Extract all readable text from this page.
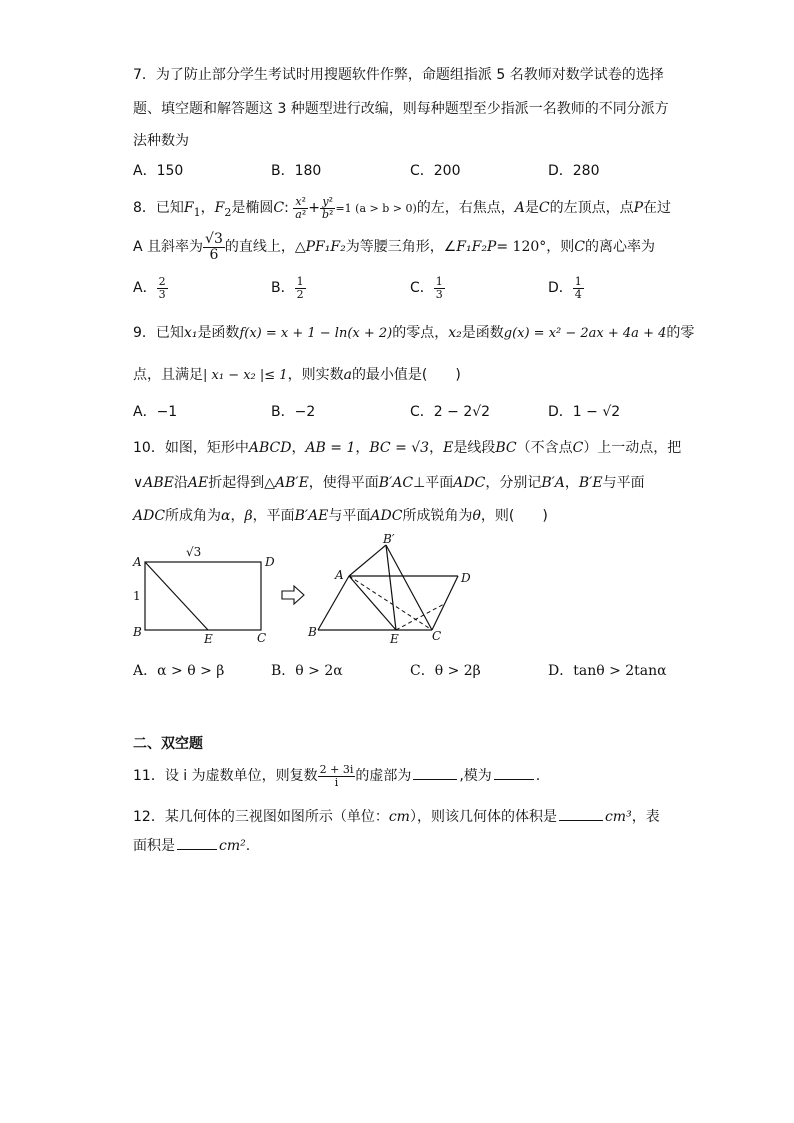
7．为了防止部分学生考试时用搜题软件作弊，命题组指派 5 名教师对数学试卷的选择
题、填空题和解答题这 3 种题型进行改编，则每种题型至少指派一名教师的不同分派方
法种数为
A．150	B．180	C．200	D．280
8．已知$F_1$，$F_2$是椭圆C: $\frac{\text{x²}}{\text{a²}} + \frac{\text{y²}}{\text{b²}} =1$ (a > b > 0)的左，右焦点，A是C的左顶点，点P在过
A 且斜率为 $\frac{√3}{6}$ 的直线上，△PF₁F₂为等腰三角形，∠F₁F₂P= 120°，则C的离心率为
A． $\frac{2}{3}$	B． $\frac{1}{2}$	C． $\frac{1}{3}$	D． $\frac{1}{4}$
9．已知x₁是函数f(x) = x + 1 − ln(x + 2)的零点，x₂是函数g(x) = x² − 2ax + 4a + 4的零
点，且满足| x₁ − x₂ |≤ 1，则实数a的最小值是(　　)
A．−1	B．−2	C．2 − 2√2	D．1 − √2
10．如图，矩形中ABCD，AB = 1，BC = √3，E是线段BC（不含点C）上一动点，把
∨ABE沿AE折起得到△AB′E，使得平面B′AC⊥平面ADC，分别记B′A，B′E与平面
ADC所成角为α，β，平面B′AE与平面ADC所成锐角为θ，则(　　)
A	D
B	C
E
√3
1
A
B′
D
B	E	C
A．α > θ > β	B．θ > 2α	C．θ > 2β	D．tanθ > 2tanα
二、双空题
11．设 i 为虚数单位，则复数 $\frac{2 + 3i}{i}$ 的虚部为	,模为	.
12．某几何体的三视图如图所示（单位：cm），则该几何体的体积是	cm³，表
面积是	cm².
